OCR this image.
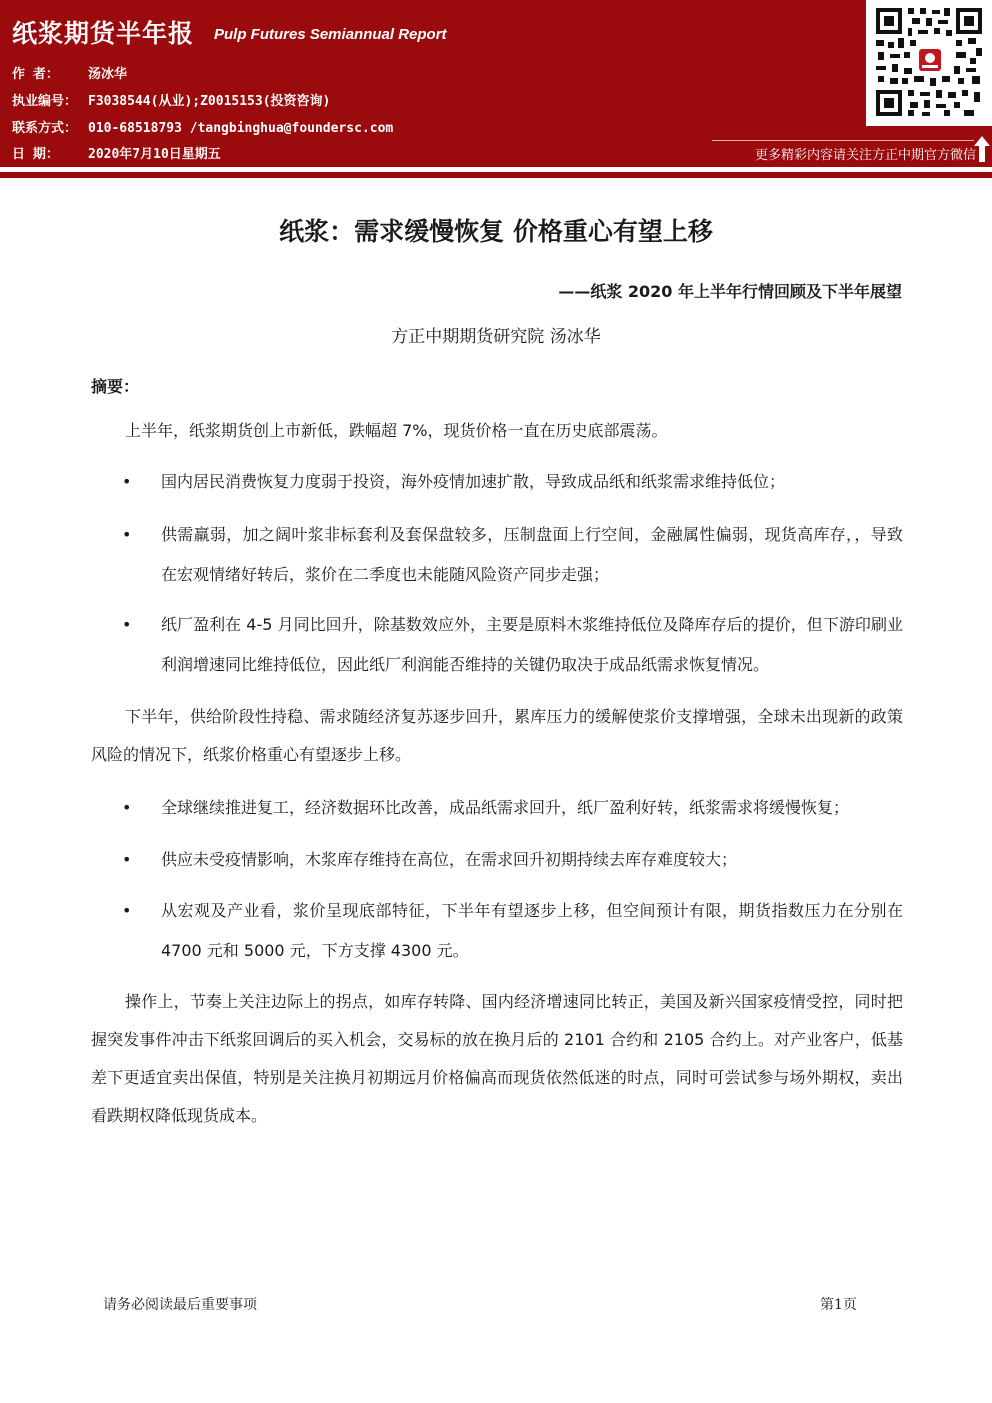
纸浆期货半年报 Pulp Futures Semiannual Report
作 者： 汤冰华
执业编号： F3038544(从业);Z0015153(投资咨询)
联系方式： 010-68518793 /tangbinghua@foundersc.com
日 期： 2020年7月10日星期五	更多精彩内容请关注方正中期官方微信
纸浆：需求缓慢恢复 价格重心有望上移
——纸浆 2020 年上半年行情回顾及下半年展望
方正中期期货研究院 汤冰华
摘要：
上半年，纸浆期货创上市新低，跌幅超 7%，现货价格一直在历史底部震荡。
• 国内居民消费恢复力度弱于投资，海外疫情加速扩散，导致成品纸和纸浆需求维持低位；
• 供需羸弱，加之阔叶浆非标套利及套保盘较多，压制盘面上行空间，金融属性偏弱，现货高库存，，导致在宏观情绪好转后，浆价在二季度也未能随风险资产同步走强；
• 纸厂盈利在 4-5 月同比回升，除基数效应外，主要是原料木浆维持低位及降库存后的提价，但下游印刷业利润增速同比维持低位，因此纸厂利润能否维持的关键仍取决于成品纸需求恢复情况。
下半年，供给阶段性持稳、需求随经济复苏逐步回升，累库压力的缓解使浆价支撑增强，全球未出现新的政策风险的情况下，纸浆价格重心有望逐步上移。
• 全球继续推进复工，经济数据环比改善，成品纸需求回升，纸厂盈利好转，纸浆需求将缓慢恢复；
• 供应未受疫情影响，木浆库存维持在高位，在需求回升初期持续去库存难度较大；
• 从宏观及产业看，浆价呈现底部特征，下半年有望逐步上移，但空间预计有限，期货指数压力在分别在 4700 元和 5000 元，下方支撑 4300 元。
操作上，节奏上关注边际上的拐点，如库存转降、国内经济增速同比转正，美国及新兴国家疫情受控，同时把握突发事件冲击下纸浆回调后的买入机会，交易标的放在换月后的 2101 合约和 2105 合约上。对产业客户，低基差下更适宜卖出保值，特别是关注换月初期远月价格偏高而现货依然低迷的时点，同时可尝试参与场外期权，卖出看跌期权降低现货成本。
请务必阅读最后重要事项	第1页
